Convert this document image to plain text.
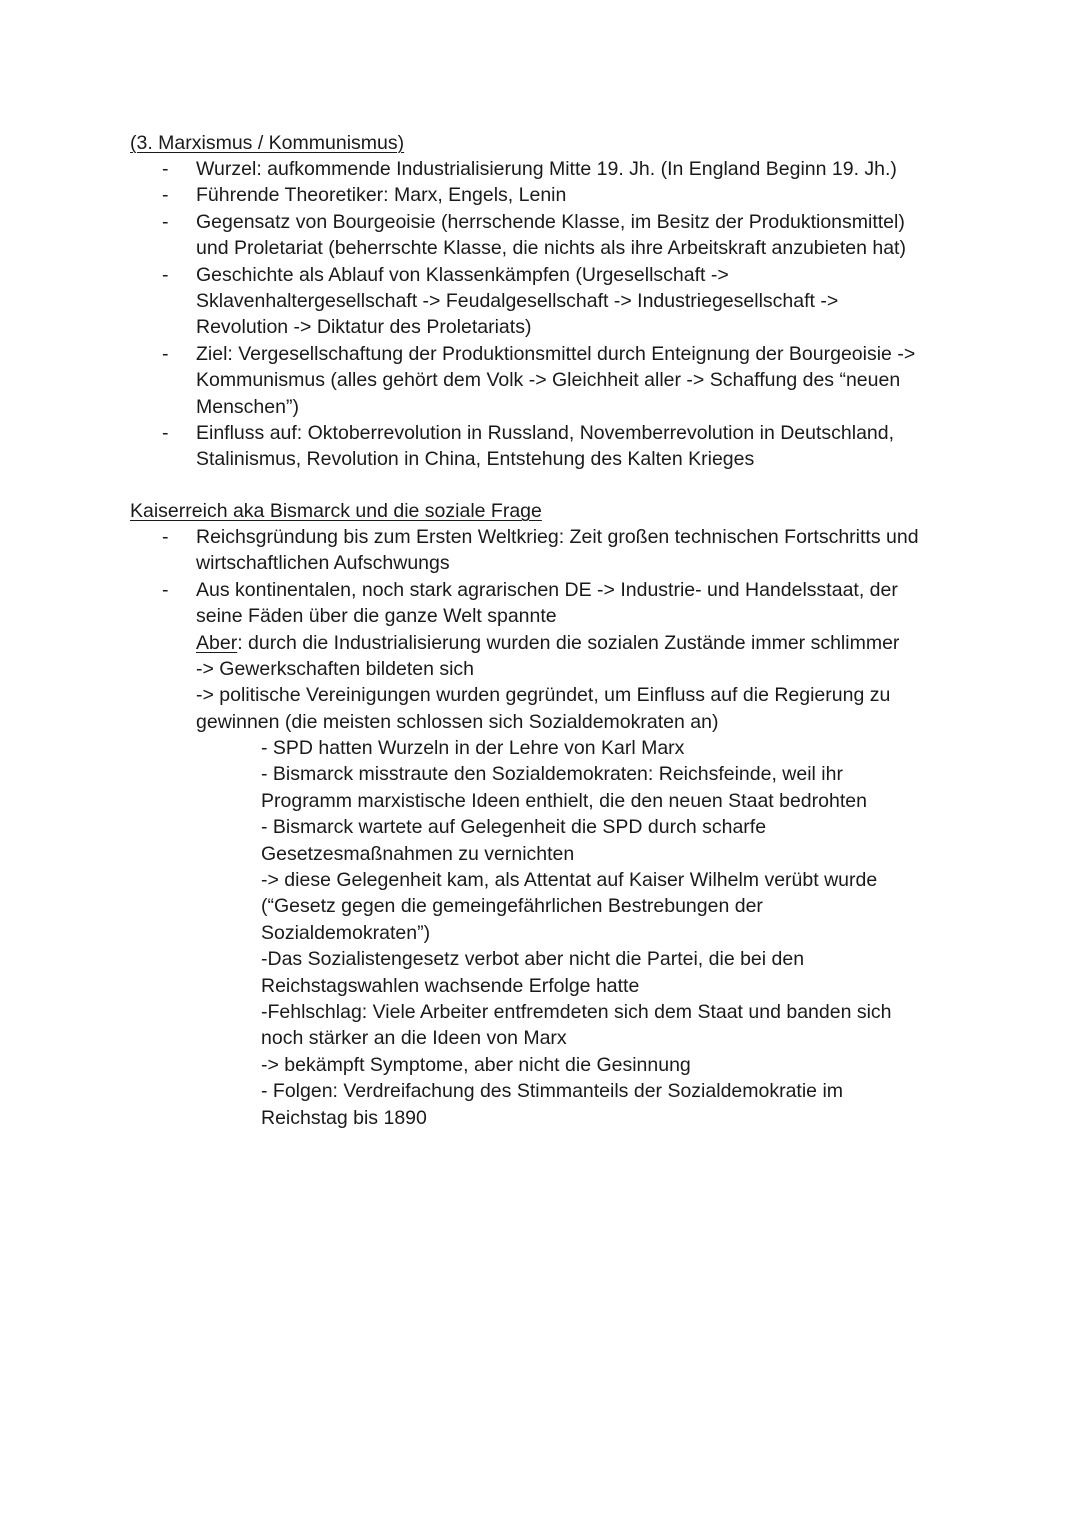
(3. Marxismus / Kommunismus)
- Wurzel: aufkommende Industrialisierung Mitte 19. Jh. (In England Beginn 19. Jh.)
- Führende Theoretiker: Marx, Engels, Lenin
- Gegensatz von Bourgeoisie (herrschende Klasse, im Besitz der Produktionsmittel)
und Proletariat (beherrschte Klasse, die nichts als ihre Arbeitskraft anzubieten hat)
- Geschichte als Ablauf von Klassenkämpfen (Urgesellschaft ->
Sklavenhaltergesellschaft -> Feudalgesellschaft -> Industriegesellschaft ->
Revolution -> Diktatur des Proletariats)
- Ziel: Vergesellschaftung der Produktionsmittel durch Enteignung der Bourgeoisie ->
Kommunismus (alles gehört dem Volk -> Gleichheit aller -> Schaffung des “neuen
Menschen”)
- Einfluss auf: Oktoberrevolution in Russland, Novemberrevolution in Deutschland,
Stalinismus, Revolution in China, Entstehung des Kalten Krieges
Kaiserreich aka Bismarck und die soziale Frage
- Reichsgründung bis zum Ersten Weltkrieg: Zeit großen technischen Fortschritts und
wirtschaftlichen Aufschwungs
- Aus kontinentalen, noch stark agrarischen DE -> Industrie- und Handelsstaat, der
seine Fäden über die ganze Welt spannte
Aber: durch die Industrialisierung wurden die sozialen Zustände immer schlimmer
-> Gewerkschaften bildeten sich
-> politische Vereinigungen wurden gegründet, um Einfluss auf die Regierung zu
gewinnen (die meisten schlossen sich Sozialdemokraten an)
- SPD hatten Wurzeln in der Lehre von Karl Marx
- Bismarck misstraute den Sozialdemokraten: Reichsfeinde, weil ihr
Programm marxistische Ideen enthielt, die den neuen Staat bedrohten
- Bismarck wartete auf Gelegenheit die SPD durch scharfe
Gesetzesmaßnahmen zu vernichten
-> diese Gelegenheit kam, als Attentat auf Kaiser Wilhelm verübt wurde
(“Gesetz gegen die gemeingefährlichen Bestrebungen der
Sozialdemokraten”)
-Das Sozialistengesetz verbot aber nicht die Partei, die bei den
Reichstagswahlen wachsende Erfolge hatte
-Fehlschlag: Viele Arbeiter entfremdeten sich dem Staat und banden sich
noch stärker an die Ideen von Marx
-> bekämpft Symptome, aber nicht die Gesinnung
- Folgen: Verdreifachung des Stimmanteils der Sozialdemokratie im
Reichstag bis 1890
